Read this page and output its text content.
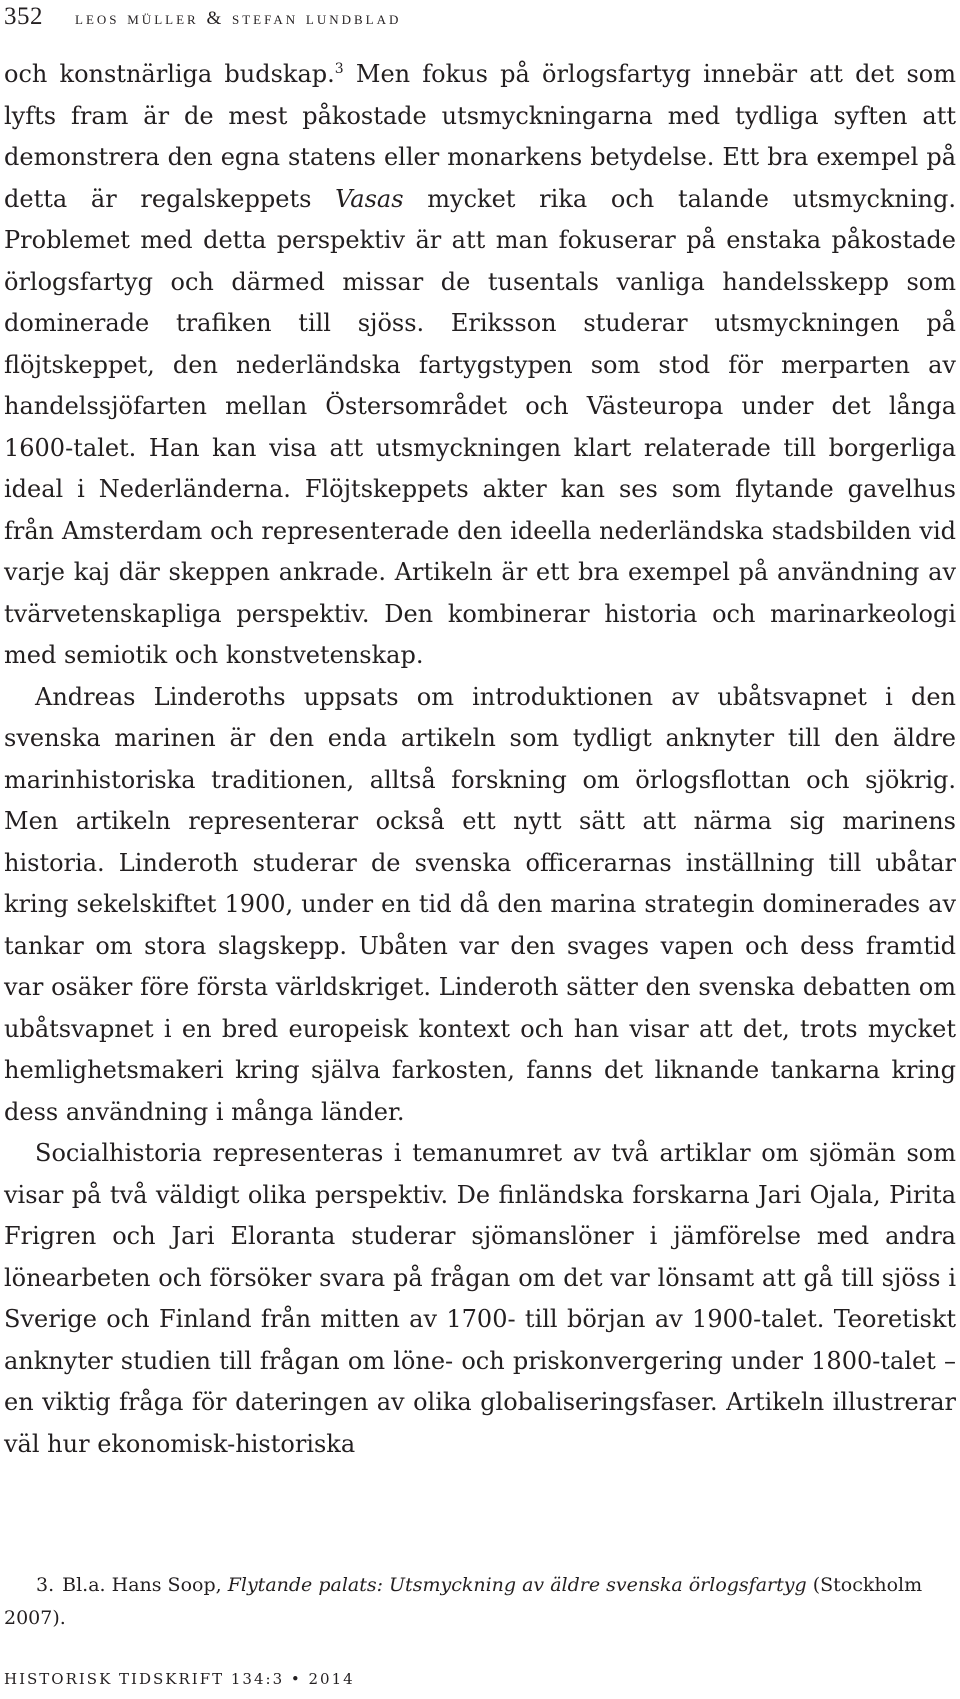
352 leos müller & stefan lundblad

och konstnärliga budskap.$^3$ Men fokus på örlogsfartyg innebär att det som lyfts fram är de mest påkostade utsmyckningarna med tydliga syften att demonstrera den egna statens eller monarkens betydelse. Ett bra exempel på detta är regalskeppets Vasas mycket rika och talande utsmyckning. Problemet med detta perspektiv är att man fokuserar på enstaka påkostade örlogsfartyg och därmed missar de tusentals vanliga handelsskepp som dominerade trafiken till sjöss. Eriksson studerar utsmyckningen på flöjtskeppet, den nederländska fartygstypen som stod för merparten av handelssjöfarten mellan Östersområdet och Västeuropa under det långa 1600-talet. Han kan visa att utsmyckningen klart relaterade till borgerliga ideal i Nederländerna. Flöjtskeppets akter kan ses som flytande gavelhus från Amsterdam och representerade den ideella nederländska stadsbilden vid varje kaj där skeppen ankrade. Artikeln är ett bra exempel på användning av tvärvetenskapliga perspektiv. Den kombinerar historia och marinarkeologi med semiotik och konstvetenskap.

Andreas Linderoths uppsats om introduktionen av ubåtsvapnet i den svenska marinen är den enda artikeln som tydligt anknyter till den äldre marinhistoriska traditionen, alltså forskning om örlogsflottan och sjökrig. Men artikeln representerar också ett nytt sätt att närma sig marinens historia. Linderoth studerar de svenska officerarnas inställning till ubåtar kring sekelskiftet 1900, under en tid då den marina strategin dominerades av tankar om stora slagskepp. Ubåten var den svages vapen och dess framtid var osäker före första världskriget. Linderoth sätter den svenska debatten om ubåtsvapnet i en bred europeisk kontext och han visar att det, trots mycket hemlighetsmakeri kring själva farkosten, fanns det liknande tankarna kring dess användning i många länder.

Socialhistoria representeras i temanumret av två artiklar om sjömän som visar på två väldigt olika perspektiv. De finländska forskarna Jari Ojala, Pirita Frigren och Jari Eloranta studerar sjömanslöner i jämförelse med andra lönearbeten och försöker svara på frågan om det var lönsamt att gå till sjöss i Sverige och Finland från mitten av 1700- till början av 1900-talet. Teoretiskt anknyter studien till frågan om löne- och priskonvergering under 1800-talet – en viktig fråga för dateringen av olika globaliseringsfaser. Artikeln illustrerar väl hur ekonomisk-historiska

3. Bl.a. Hans Soop, Flytande palats: Utsmyckning av äldre svenska örlogsfartyg (Stockholm 2007).
HISTORISK TIDSKRIFT 134:3 • 2014
